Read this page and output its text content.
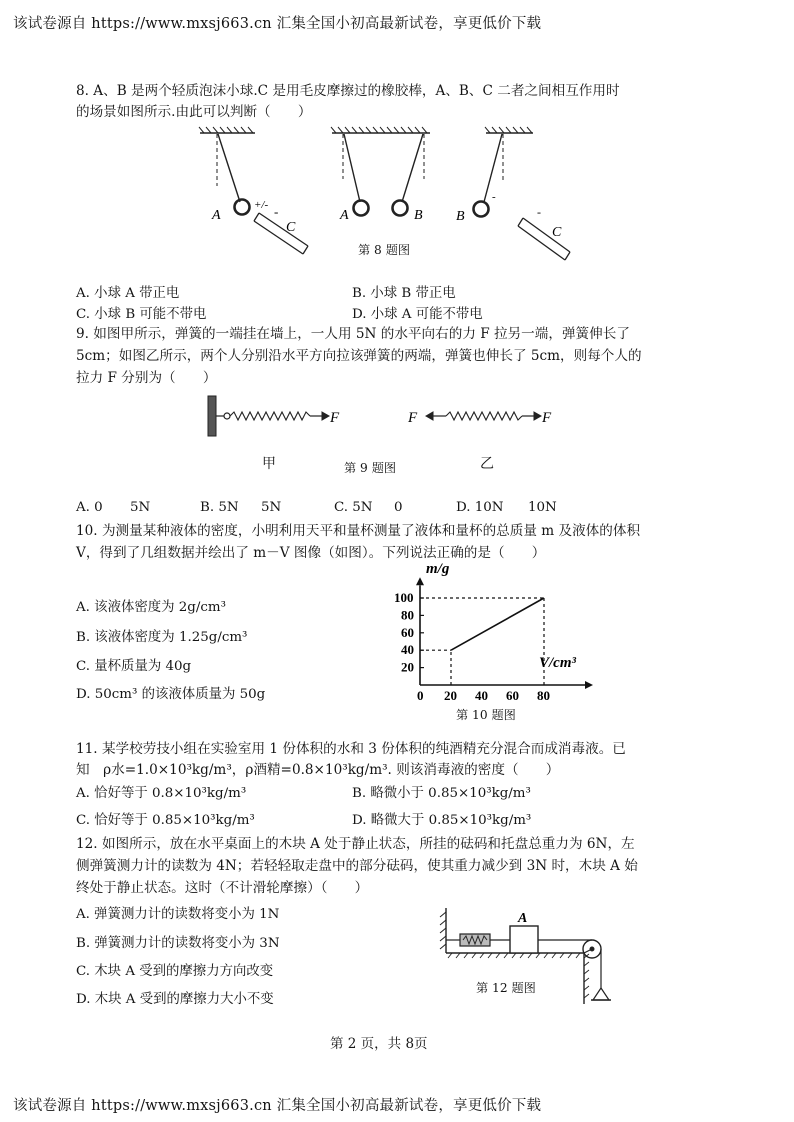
该试卷源自 https://www.mxsj663.cn 汇集全国小初高最新试卷，享更低价下载
8. A、B 是两个轻质泡沫小球.C 是用毛皮摩擦过的橡胶棒，A、B、C 二者之间相互作用时
的场景如图所示.由此可以判断（　　）
A
+/- -
C
A	B B
-
-
C
第 8 题图
A. 小球 A 带正电	B. 小球 B 带正电
C. 小球 B 可能不带电	D. 小球 A 可能不带电
9. 如图甲所示，弹簧的一端挂在墙上，一人用 5N 的水平向右的力 F 拉另一端，弹簧伸长了
5cm；如图乙所示，两个人分别沿水平方向拉该弹簧的两端，弹簧也伸长了 5cm，则每个人的
拉力 F 分别为（　　）
F	F	F
甲	第 9 题图	乙
A. 0 5N	B. 5N 5N	C. 5N 0	D. 10N 10N
10. 为测量某种液体的密度，小明利用天平和量杯测量了液体和量杯的总质量 m 及液体的体积
V，得到了几组数据并绘出了 m－V 图像（如图）。下列说法正确的是（　　）
A. 该液体密度为 2g/cm³
B. 该液体密度为 1.25g/cm³
C. 量杯质量为 40g
D. 50cm³ 的该液体质量为 50g	0 20 40 60 80
20
40
60
80
100
m/g
V/cm³
第 10 题图
11. 某学校劳技小组在实验室用 1 份体积的水和 3 份体积的纯酒精充分混合而成消毒液。已
知　ρ水=1.0×10³kg/m³，ρ酒精=0.8×10³kg/m³. 则该消毒液的密度（　　）
A. 恰好等于 0.8×10³kg/m³	B. 略微小于 0.85×10³kg/m³
C. 恰好等于 0.85×10³kg/m³	D. 略微大于 0.85×10³kg/m³
12. 如图所示，放在水平桌面上的木块 A 处于静止状态，所挂的砝码和托盘总重力为 6N，左
侧弹簧测力计的读数为 4N；若轻轻取走盘中的部分砝码，使其重力减少到 3N 时，木块 A 始
终处于静止状态。这时（不计滑轮摩擦）（　　）
A. 弹簧测力计的读数将变小为 1N
B. 弹簧测力计的读数将变小为 3N
C. 木块 A 受到的摩擦力方向改变
D. 木块 A 受到的摩擦力大小不变
A
第 12 题图
第 2 页，共 8页
该试卷源自 https://www.mxsj663.cn 汇集全国小初高最新试卷，享更低价下载
